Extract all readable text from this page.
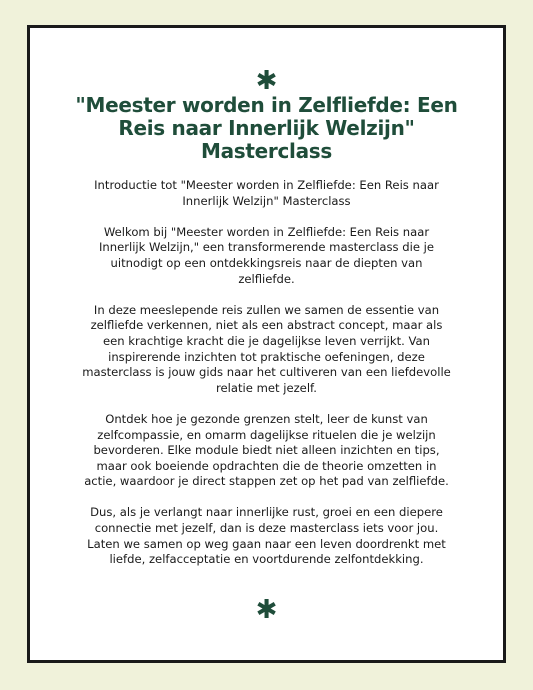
✱
"Meester worden in Zelfliefde: Een Reis naar Innerlijk Welzijn" Masterclass

Introductie tot "Meester worden in Zelfliefde: Een Reis naar Innerlijk Welzijn" Masterclass

Welkom bij "Meester worden in Zelfliefde: Een Reis naar Innerlijk Welzijn," een transformerende masterclass die je uitnodigt op een ontdekkingsreis naar de diepten van zelfliefde.

In deze meeslepende reis zullen we samen de essentie van zelfliefde verkennen, niet als een abstract concept, maar als een krachtige kracht die je dagelijkse leven verrijkt. Van inspirerende inzichten tot praktische oefeningen, deze masterclass is jouw gids naar het cultiveren van een liefdevolle relatie met jezelf.

Ontdek hoe je gezonde grenzen stelt, leer de kunst van zelfcompassie, en omarm dagelijkse rituelen die je welzijn bevorderen. Elke module biedt niet alleen inzichten en tips, maar ook boeiende opdrachten die de theorie omzetten in actie, waardoor je direct stappen zet op het pad van zelfliefde.

Dus, als je verlangt naar innerlijke rust, groei en een diepere connectie met jezelf, dan is deze masterclass iets voor jou. Laten we samen op weg gaan naar een leven doordrenkt met liefde, zelfacceptatie en voortdurende zelfontdekking.

✱
